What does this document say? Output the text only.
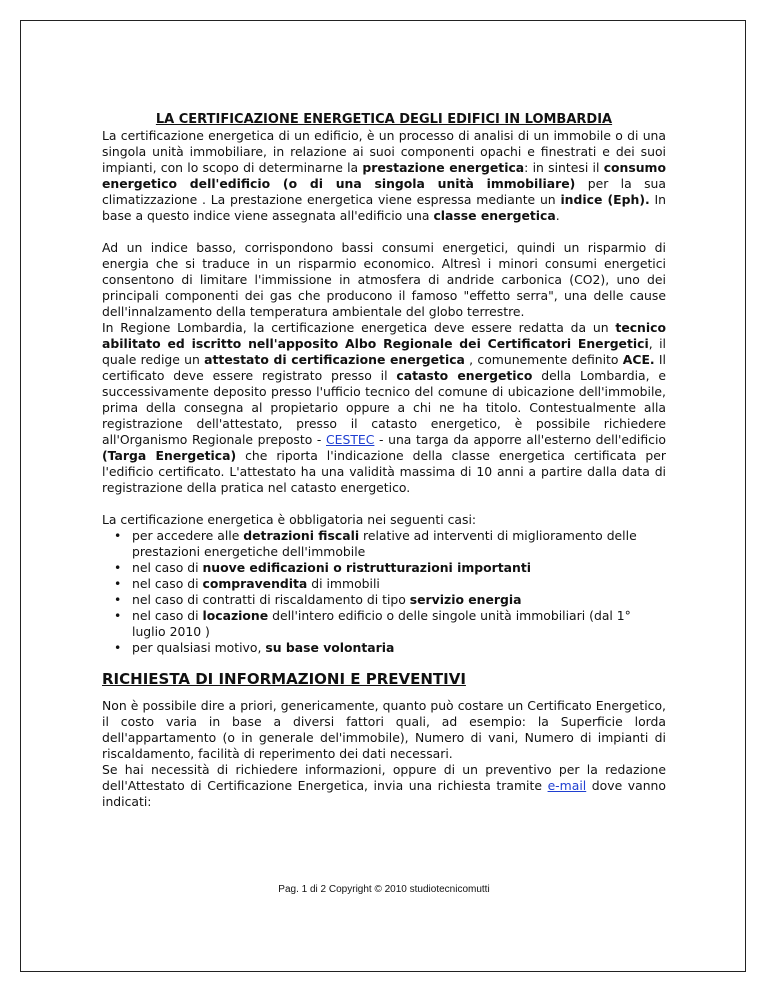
LA CERTIFICAZIONE ENERGETICA DEGLI EDIFICI IN LOMBARDIA

La certificazione energetica di un edificio, è un processo di analisi di un immobile o di una singola unità immobiliare, in relazione ai suoi componenti opachi e finestrati e dei suoi impianti, con lo scopo di determinarne la prestazione energetica: in sintesi il consumo energetico dell'edificio (o di una singola unità immobiliare) per la sua climatizzazione . La prestazione energetica viene espressa mediante un indice (Eph). In base a questo indice viene assegnata all'edificio una classe energetica.

Ad un indice basso, corrispondono bassi consumi energetici, quindi un risparmio di energia che si traduce in un risparmio economico. Altresì i minori consumi energetici consentono di limitare l'immissione in atmosfera di andride carbonica (CO2), uno dei principali componenti dei gas che producono il famoso "effetto serra", una delle cause dell'innalzamento della temperatura ambientale del globo terrestre.

In Regione Lombardia, la certificazione energetica deve essere redatta da un tecnico abilitato ed iscritto nell'apposito Albo Regionale dei Certificatori Energetici, il quale redige un attestato di certificazione energetica , comunemente definito ACE. Il certificato deve essere registrato presso il catasto energetico della Lombardia, e successivamente deposito presso l'ufficio tecnico del comune di ubicazione dell'immobile, prima della consegna al propietario oppure a chi ne ha titolo. Contestualmente alla registrazione dell'attestato, presso il catasto energetico, è possibile richiedere all'Organismo Regionale preposto - CESTEC - una targa da apporre all'esterno dell'edificio (Targa Energetica) che riporta l'indicazione della classe energetica certificata per l'edificio certificato. L'attestato ha una validità massima di 10 anni a partire dalla data di registrazione della pratica nel catasto energetico.

La certificazione energetica è obbligatoria nei seguenti casi:

• per accedere alle detrazioni fiscali relative ad interventi di miglioramento delle prestazioni energetiche dell'immobile
• nel caso di nuove edificazioni o ristrutturazioni importanti
• nel caso di compravendita di immobili
• nel caso di contratti di riscaldamento di tipo servizio energia
• nel caso di locazione dell'intero edificio o delle singole unità immobiliari (dal 1° luglio 2010 )
• per qualsiasi motivo, su base volontaria
RICHIESTA DI INFORMAZIONI E PREVENTIVI

Non è possibile dire a priori, genericamente, quanto può costare un Certificato Energetico, il costo varia in base a diversi fattori quali, ad esempio: la Superficie lorda dell'appartamento (o in generale del'immobile), Numero di vani, Numero di impianti di riscaldamento, facilità di reperimento dei dati necessari.

Se hai necessità di richiedere informazioni, oppure di un preventivo per la redazione dell'Attestato di Certificazione Energetica, invia una richiesta tramite e-mail dove vanno indicati:

Pag. 1 di 2 Copyright © 2010 studiotecnicomutti
